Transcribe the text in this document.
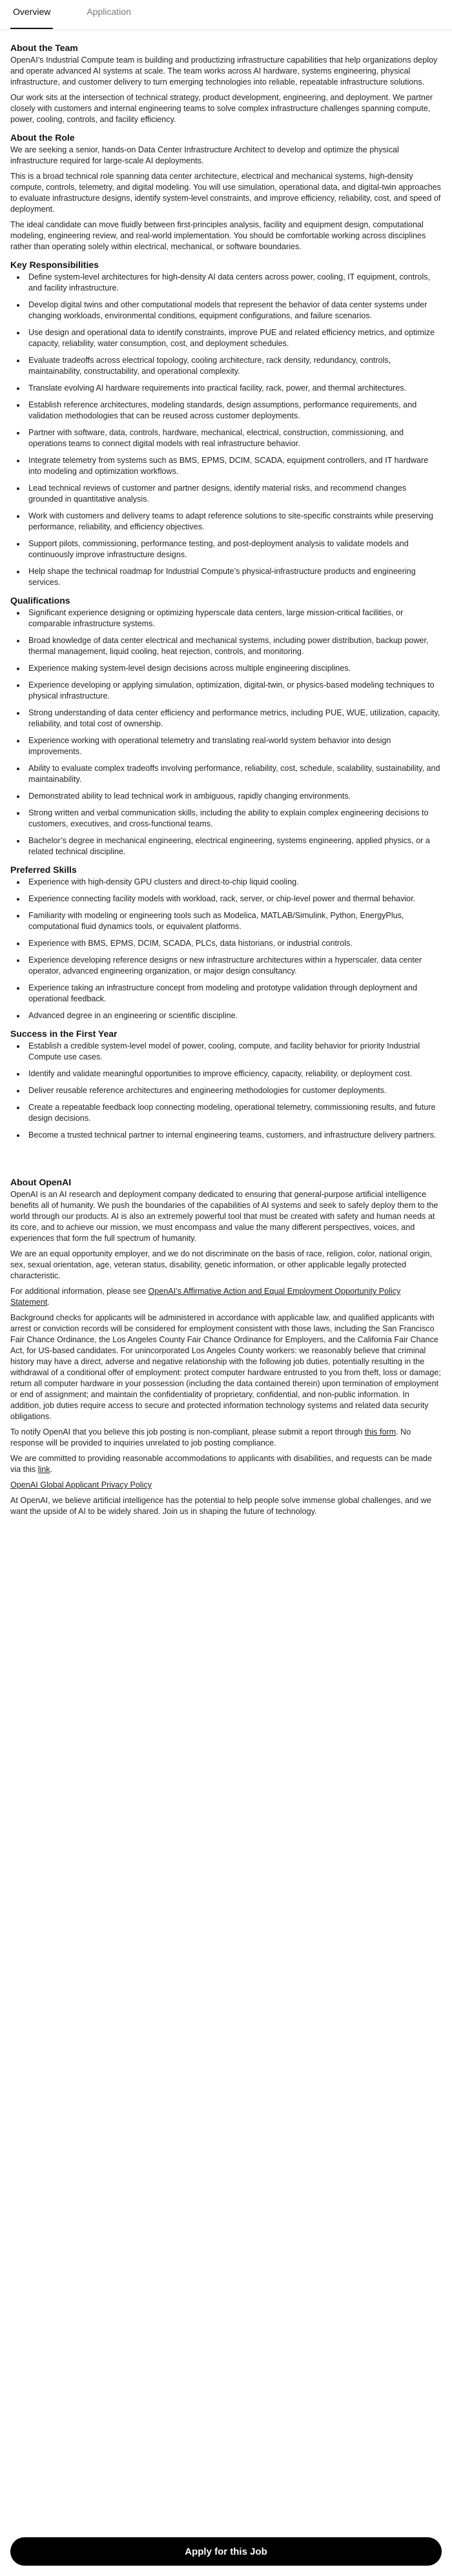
Overview	Application
About the Team

OpenAI’s Industrial Compute team is building and productizing infrastructure capabilities that help organizations deploy and operate advanced AI systems at scale. The team works across AI hardware, systems engineering, physical infrastructure, and customer delivery to turn emerging technologies into reliable, repeatable infrastructure solutions.

Our work sits at the intersection of technical strategy, product development, engineering, and deployment. We partner closely with customers and internal engineering teams to solve complex infrastructure challenges spanning compute, power, cooling, controls, and facility efficiency.

About the Role

We are seeking a senior, hands-on Data Center Infrastructure Architect to develop and optimize the physical infrastructure required for large-scale AI deployments.

This is a broad technical role spanning data center architecture, electrical and mechanical systems, high-density compute, controls, telemetry, and digital modeling. You will use simulation, operational data, and digital-twin approaches to evaluate infrastructure designs, identify system-level constraints, and improve efficiency, reliability, cost, and speed of deployment.

The ideal candidate can move fluidly between first-principles analysis, facility and equipment design, computational modeling, engineering review, and real-world implementation. You should be comfortable working across disciplines rather than operating solely within electrical, mechanical, or software boundaries.

Key Responsibilities
• Define system-level architectures for high-density AI data centers across power, cooling, IT equipment, controls, and facility infrastructure.
• Develop digital twins and other computational models that represent the behavior of data center systems under changing workloads, environmental conditions, equipment configurations, and failure scenarios.
• Use design and operational data to identify constraints, improve PUE and related efficiency metrics, and optimize capacity, reliability, water consumption, cost, and deployment schedules.
• Evaluate tradeoffs across electrical topology, cooling architecture, rack density, redundancy, controls, maintainability, constructability, and operational complexity.
• Translate evolving AI hardware requirements into practical facility, rack, power, and thermal architectures.
• Establish reference architectures, modeling standards, design assumptions, performance requirements, and validation methodologies that can be reused across customer deployments.
• Partner with software, data, controls, hardware, mechanical, electrical, construction, commissioning, and operations teams to connect digital models with real infrastructure behavior.
• Integrate telemetry from systems such as BMS, EPMS, DCIM, SCADA, equipment controllers, and IT hardware into modeling and optimization workflows.
• Lead technical reviews of customer and partner designs, identify material risks, and recommend changes grounded in quantitative analysis.
• Work with customers and delivery teams to adapt reference solutions to site-specific constraints while preserving performance, reliability, and efficiency objectives.
• Support pilots, commissioning, performance testing, and post-deployment analysis to validate models and continuously improve infrastructure designs.
• Help shape the technical roadmap for Industrial Compute’s physical-infrastructure products and engineering services.
Qualifications
• Significant experience designing or optimizing hyperscale data centers, large mission-critical facilities, or comparable infrastructure systems.
• Broad knowledge of data center electrical and mechanical systems, including power distribution, backup power, thermal management, liquid cooling, heat rejection, controls, and monitoring.
• Experience making system-level design decisions across multiple engineering disciplines.
• Experience developing or applying simulation, optimization, digital-twin, or physics-based modeling techniques to physical infrastructure.
• Strong understanding of data center efficiency and performance metrics, including PUE, WUE, utilization, capacity, reliability, and total cost of ownership.
• Experience working with operational telemetry and translating real-world system behavior into design improvements.
• Ability to evaluate complex tradeoffs involving performance, reliability, cost, schedule, scalability, sustainability, and maintainability.
• Demonstrated ability to lead technical work in ambiguous, rapidly changing environments.
• Strong written and verbal communication skills, including the ability to explain complex engineering decisions to customers, executives, and cross-functional teams.
• Bachelor’s degree in mechanical engineering, electrical engineering, systems engineering, applied physics, or a related technical discipline.
Preferred Skills
• Experience with high-density GPU clusters and direct-to-chip liquid cooling.
• Experience connecting facility models with workload, rack, server, or chip-level power and thermal behavior.
• Familiarity with modeling or engineering tools such as Modelica, MATLAB/Simulink, Python, EnergyPlus, computational fluid dynamics tools, or equivalent platforms.
• Experience with BMS, EPMS, DCIM, SCADA, PLCs, data historians, or industrial controls.
• Experience developing reference designs or new infrastructure architectures within a hyperscaler, data center operator, advanced engineering organization, or major design consultancy.
• Experience taking an infrastructure concept from modeling and prototype validation through deployment and operational feedback.
• Advanced degree in an engineering or scientific discipline.
Success in the First Year
• Establish a credible system-level model of power, cooling, compute, and facility behavior for priority Industrial Compute use cases.
• Identify and validate meaningful opportunities to improve efficiency, capacity, reliability, or deployment cost.
• Deliver reusable reference architectures and engineering methodologies for customer deployments.
• Create a repeatable feedback loop connecting modeling, operational telemetry, commissioning results, and future design decisions.
• Become a trusted technical partner to internal engineering teams, customers, and infrastructure delivery partners.
About OpenAI

OpenAI is an AI research and deployment company dedicated to ensuring that general-purpose artificial intelligence benefits all of humanity. We push the boundaries of the capabilities of AI systems and seek to safely deploy them to the world through our products. AI is also an extremely powerful tool that must be created with safety and human needs at its core, and to achieve our mission, we must encompass and value the many different perspectives, voices, and experiences that form the full spectrum of humanity.

We are an equal opportunity employer, and we do not discriminate on the basis of race, religion, color, national origin, sex, sexual orientation, age, veteran status, disability, genetic information, or other applicable legally protected characteristic.

For additional information, please see OpenAI’s Affirmative Action and Equal Employment Opportunity Policy Statement.

Background checks for applicants will be administered in accordance with applicable law, and qualified applicants with arrest or conviction records will be considered for employment consistent with those laws, including the San Francisco Fair Chance Ordinance, the Los Angeles County Fair Chance Ordinance for Employers, and the California Fair Chance Act, for US-based candidates. For unincorporated Los Angeles County workers: we reasonably believe that criminal history may have a direct, adverse and negative relationship with the following job duties, potentially resulting in the withdrawal of a conditional offer of employment: protect computer hardware entrusted to you from theft, loss or damage; return all computer hardware in your possession (including the data contained therein) upon termination of employment or end of assignment; and maintain the confidentiality of proprietary, confidential, and non-public information. In addition, job duties require access to secure and protected information technology systems and related data security obligations.

To notify OpenAI that you believe this job posting is non-compliant, please submit a report through this form. No response will be provided to inquiries unrelated to job posting compliance.

We are committed to providing reasonable accommodations to applicants with disabilities, and requests can be made via this link.

OpenAI Global Applicant Privacy Policy

At OpenAI, we believe artificial intelligence has the potential to help people solve immense global challenges, and we want the upside of AI to be widely shared. Join us in shaping the future of technology.

Apply for this Job
